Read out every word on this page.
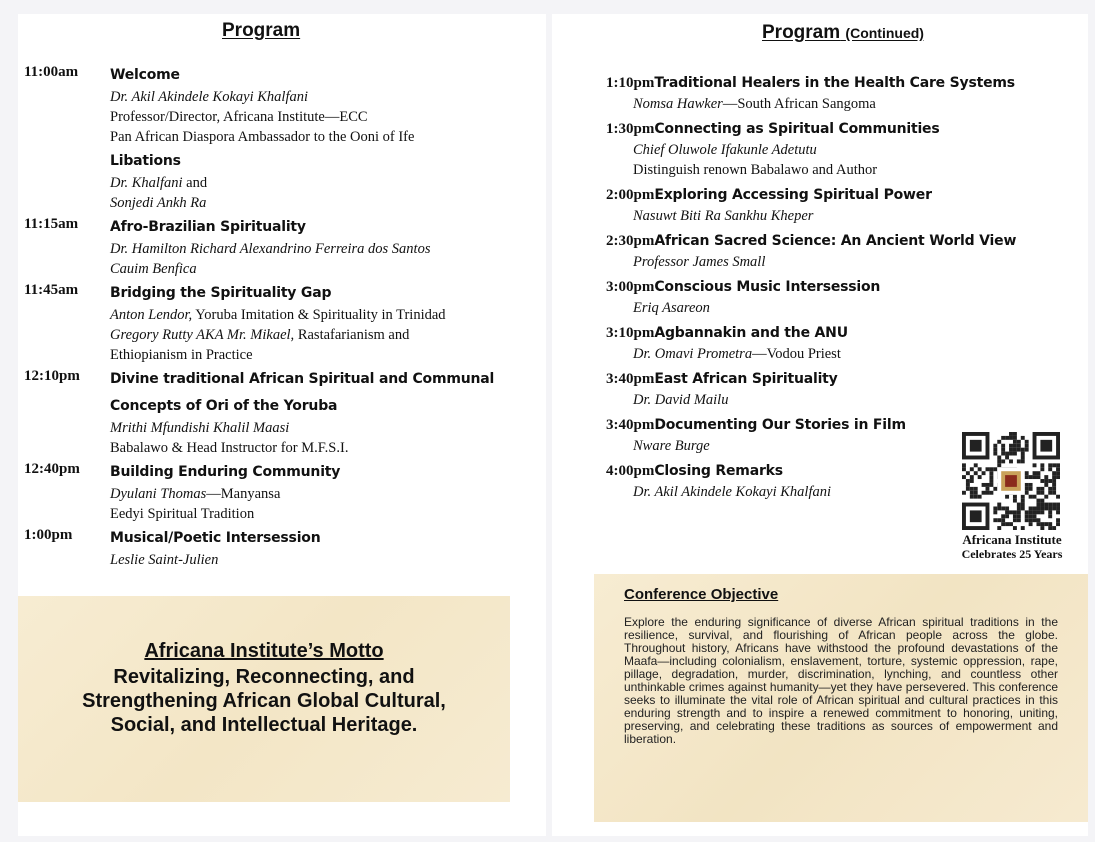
Program
11:00am Welcome
Dr. Akil Akindele Kokayi Khalfani
Professor/Director, Africana Institute—ECC
Pan African Diaspora Ambassador to the Ooni of Ife
Libations
Dr. Khalfani and
Sonjedi Ankh Ra
11:15am Afro-Brazilian Spirituality
Dr. Hamilton Richard Alexandrino Ferreira dos Santos
Cauim Benfica
11:45am Bridging the Spirituality Gap
Anton Lendor, Yoruba Imitation & Spirituality in Trinidad
Gregory Rutty AKA Mr. Mikael, Rastafarianism and
Ethiopianism in Practice
12:10pm Divine traditional African Spiritual and Communal
Concepts of Ori of the Yoruba
Mrithi Mfundishi Khalil Maasi
Babalawo & Head Instructor for M.F.S.I.
12:40pm Building Enduring Community
Dyulani Thomas—Manyansa
Eedyi Spiritual Tradition
1:00pm	Musical/Poetic Intersession
Leslie Saint-Julien
Africana Institute’s Motto
Revitalizing, Reconnecting, and Strengthening African Global Cultural, Social, and Intellectual Heritage.
Program (Continued)
1:10pmTraditional Healers in the Health Care Systems
Nomsa Hawker—South African Sangoma
1:30pmConnecting as Spiritual Communities
Chief Oluwole Ifakunle Adetutu
Distinguish renown Babalawo and Author
2:00pmExploring Accessing Spiritual Power
Nasuwt Biti Ra Sankhu Kheper
2:30pmAfrican Sacred Science: An Ancient World View
Professor James Small
3:00pmConscious Music Intersession
Eriq Asareon
3:10pmAgbannakin and the ANU
Dr. Omavi Prometra—Vodou Priest
3:40pmEast African Spirituality
Dr. David Mailu
3:40pmDocumenting Our Stories in Film
Nware Burge
4:00pmClosing Remarks
Dr. Akil Akindele Kokayi Khalfani
Africana Institute
Celebrates 25 Years
Conference Objective

Explore the enduring significance of diverse African spiritual traditions in the resilience, survival, and flourishing of African people across the globe. Throughout history, Africans have withstood the profound devastations of the Maafa—including colonialism, enslavement, torture, systemic oppression, rape, pillage, degradation, murder, discrimination, lynching, and countless other unthinkable crimes against humanity—yet they have persevered. This conference seeks to illuminate the vital role of African spiritual and cultural practices in this enduring strength and to inspire a renewed commitment to honoring, uniting, preserving, and celebrating these traditions as sources of empowerment and liberation.
